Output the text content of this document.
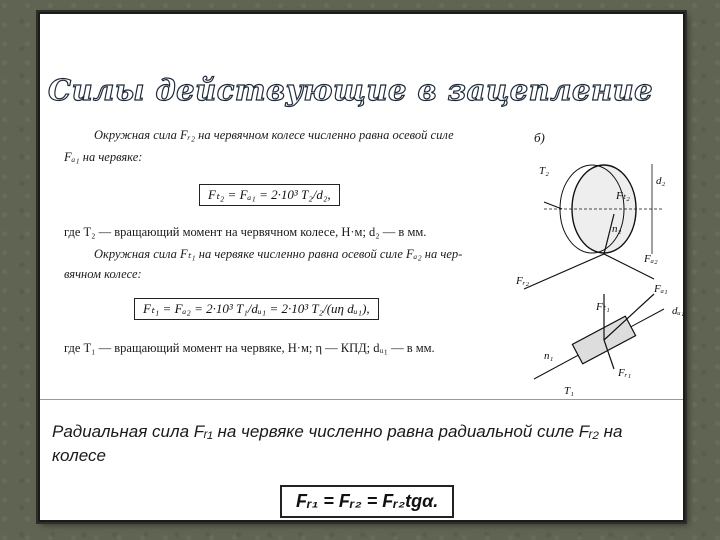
Силы действующие в зацепление
Окружная сила Fᵣ₂ на червячном колесе численно равна осевой силе
Fₐ₁ на червяке:
Fₜ₂ = Fₐ₁ = 2·10³ T₂/d₂,
где T₂ — вращающий момент на червячном колесе, Н·м; d₂ — в мм.
Окружная сила Fₜ₁ на червяке численно равна осевой силе Fₐ₂ на чер-
вячном колесе:
Fₜ₁ = Fₐ₂ = 2·10³ T₁/dᵤ₁ = 2·10³ T₂/(uη dᵤ₁),
где T₁ — вращающий момент на червяке, Н·м; η — КПД; dᵤ₁ — в мм.
б)
T₂
d₂
Fₜ₂
n₂
Fₐ₂
Fᵣ₂
Fₐ₁
dᵤ₁
Fₜ₁
n₁
Fᵣ₁
T₁
Радиальная сила Fᵣ₁ на червяке численно равна радиальной силе Fᵣ₂ на колесе
Fᵣ₁ = Fᵣ₂ = Fᵣ₂tgα.
